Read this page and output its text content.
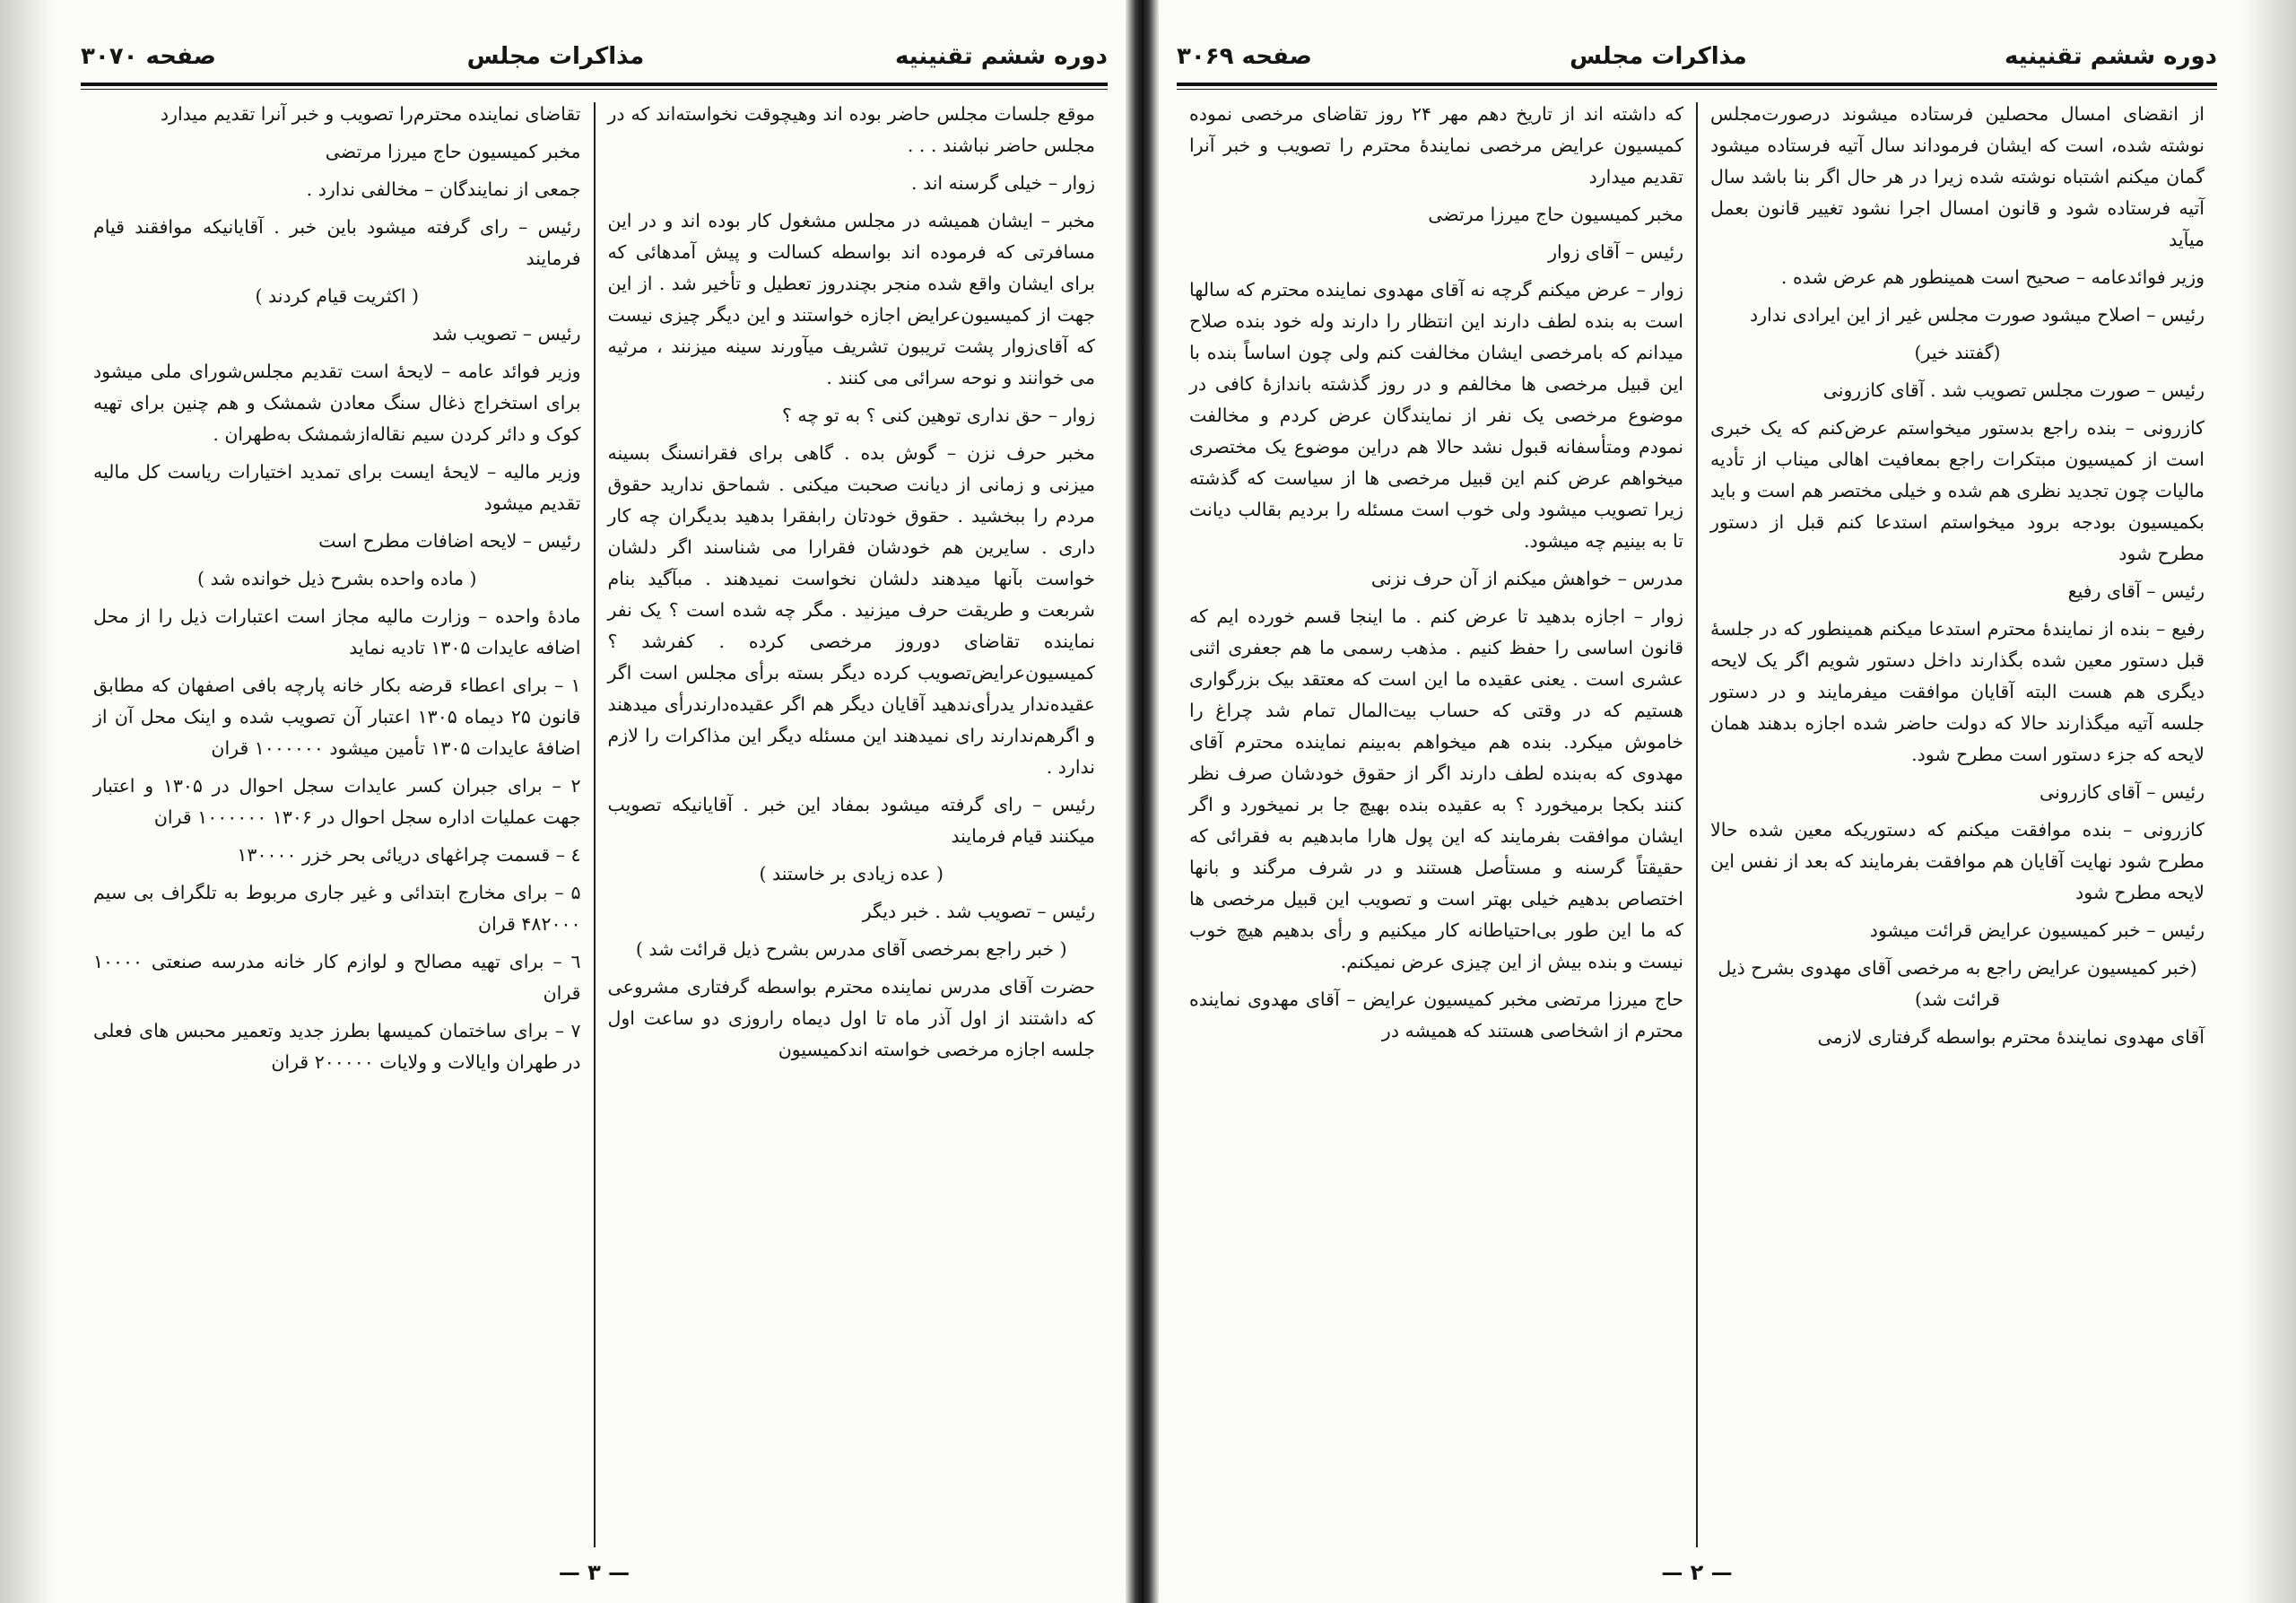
دوره ششم تقنینیه
مذاکرات مجلس
صفحه ۳۰۷۰

موقع جلسات مجلس حاضر بوده اند وهیچوقت نخواسته‌اند که در مجلس حاضر نباشند . . .

زوار – خیلی گرسنه اند .

مخبر – ایشان همیشه در مجلس مشغول کار بوده اند و در این مسافرتی که فرموده اند بواسطه کسالت و پیش آمدهائی که برای ایشان واقع شده منجر بچندروز تعطیل و تأخیر شد . از این جهت از کمیسیون‌عرایض اجازه خواستند و این دیگر چیزی نیست که آقای‌زوار پشت تریبون تشریف میآورند سینه میزنند ، مرثیه می خوانند و نوحه سرائی می کنند .

زوار – حق نداری توهین کنی ؟ به تو چه ؟

مخبر حرف نزن – گوش بده . گاهی برای فقرانسنگ بسینه میزنی و زمانی از دیانت صحبت میکنی . شماحق ندارید حقوق مردم را ببخشید . حقوق خودتان رابفقرا بدهید بدیگران چه کار داری . سایرین هم خودشان فقرارا می شناسند اگر دلشان خواست بآنها میدهند دلشان نخواست نمیدهند . مبآگید بنام شربعت و طریقت حرف میزنید . مگر چه شده است ؟ یک نفر نماینده تقاضای دوروز مرخصی کرده . کفرشد ؟ کمیسیون‌عرایض‌تصویب کرده دیگر بسته برأی مجلس است اگر عقیده‌ندار یدرأی‌ندهید آقایان دیگر هم اگر عقیده‌دارندرأی میدهند و اگرهم‌ندارند رای نمیدهند این مسئله دیگر این مذاکرات را لازم ندارد .

رئیس – رای گرفته میشود بمفاد این خبر . آقایانیکه تصویب میکنند قیام فرمایند

( عده زیادی بر خاستند )

رئیس – تصویب شد . خبر دیگر

( خبر راجع بمرخصی آقای مدرس بشرح ذیل قرائت شد )

حضرت آقای مدرس نماینده محترم بواسطه گرفتاری مشروعی که داشتند از اول آذر ماه تا اول دیماه راروزی دو ساعت اول جلسه اجازه مرخصی خواسته اندکمیسیون

تقاضای نماینده محترم‌را تصویب و خبر آنرا تقدیم میدارد

مخبر کمیسیون حاج میرزا مرتضی

جمعی از نمایندگان – مخالفی ندارد .

رئیس – رای گرفته میشود باین خبر . آقایانیکه موافقند قیام فرمایند

( اکثریت قیام کردند )

رئیس – تصویب شد

وزیر فوائد عامه – لایحهٔ است تقدیم مجلس‌شورای ملی میشود برای استخراج ذغال سنگ معادن شمشک و هم چنین برای تهیه کوک و دائر کردن سیم نقاله‌ازشمشک به‌طهران .

وزیر مالیه – لایحهٔ ایست برای تمدید اختیارات ریاست کل مالیه تقدیم میشود

رئیس – لایحه اضافات مطرح است

( ماده واحده بشرح ذیل خوانده شد )

مادهٔ واحده – وزارت مالیه مجاز است اعتبارات ذیل را از محل اضافه عایدات ۱۳۰۵ تادیه نماید

۱ – برای اعطاء قرضه بکار خانه پارچه بافی اصفهان که مطابق قانون ۲۵ دیماه ۱۳۰۵ اعتبار آن تصویب شده و اینک محل آن از اضافهٔ عایدات ۱۳۰۵ تأمین میشود ۱۰۰۰۰۰۰ قران

۲ – برای جبران کسر عایدات سجل احوال در ۱۳۰۵ و اعتبار جهت عملیات اداره سجل احوال در ۱۳۰۶ ۱۰۰۰۰۰۰ قران

٤ – قسمت چراغهای دریائی بحر خزر ۱۳۰۰۰۰

۵ – برای مخارج ابتدائی و غیر جاری مربوط به تلگراف بی سیم ۴۸۲۰۰۰ قران

٦ – برای تهیه مصالح و لوازم کار خانه مدرسه صنعتی ۱۰۰۰۰ قران

۷ – برای ساختمان کمیسها بطرز جدید وتعمیر محبس های فعلی در طهران وایالات و ولایات ۲۰۰۰۰۰ قران

— ۳ —
دوره ششم تقنینیه
مذاکرات مجلس
صفحه ۳۰۶۹

از انقضای امسال محصلین فرستاده میشوند درصورت‌مجلس نوشته شده، است که ایشان فرموداند سال آتیه فرستاده میشود گمان میکنم اشتباه نوشته شده زیرا در هر حال اگر بنا باشد سال آتیه فرستاده شود و قانون امسال اجرا نشود تغییر قانون بعمل میآید

وزیر فوائدعامه – صحیح است همینطور هم عرض شده .

رئیس – اصلاح میشود صورت مجلس غیر از این ایرادی ندارد

(گفتند خیر)

رئیس – صورت مجلس تصویب شد . آقای کازرونی

کازرونی – بنده راجع بدستور میخواستم عرض‌کنم که یک خبری است از کمیسیون مبتکرات راجع بمعافیت اهالی میناب از تأدیه مالیات چون تجدید نظری هم شده و خیلی مختصر هم است و باید بکمیسیون بودجه برود میخواستم استدعا کنم قبل از دستور مطرح شود

رئیس – آقای رفیع

رفیع – بنده از نمایندهٔ محترم استدعا میکنم همینطور که در جلسهٔ قبل دستور معین شده بگذارند داخل دستور شویم اگر یک لایحه دیگری هم هست البته آقایان موافقت میفرمایند و در دستور جلسه آتیه میگذارند حالا که دولت حاضر شده اجازه بدهند همان لایحه که جزء دستور است مطرح شود.

رئیس – آقای کازرونی

کازرونی – بنده موافقت میکنم که دستوریکه معین شده حالا مطرح شود نهایت آقایان هم موافقت بفرمایند که بعد از نفس این لایحه مطرح شود

رئیس – خبر کمیسیون عرایض قرائت میشود

(خبر کمیسیون عرایض راجع به مرخصی آقای مهدوی بشرح ذیل قرائت شد)

آقای مهدوی نمایندهٔ محترم بواسطه گرفتاری لازمی

که داشته اند از تاریخ دهم مهر ۲۴ روز تقاضای مرخصی نموده کمیسیون عرایض مرخصی نمایندهٔ محترم را تصویب و خبر آنرا تقدیم میدارد

مخبر کمیسیون حاج میرزا مرتضی

رئیس – آقای زوار

زوار – عرض میکنم گرچه نه آقای مهدوی نماینده محترم که سالها است به بنده لطف دارند این انتظار را دارند وله خود بنده صلاح میدانم که بامرخصی ایشان مخالفت کنم ولی چون اساساً بنده با این قبیل مرخصی ها مخالفم و در روز گذشته باندازهٔ کافی در موضوع مرخصی یک نفر از نمایندگان عرض کردم و مخالفت نمودم ومتأسفانه قبول نشد حالا هم دراین موضوع یک مختصری میخواهم عرض کنم این قبیل مرخصی ها از سیاست که گذشته زیرا تصویب میشود ولی خوب است مسئله را بردیم بقالب دیانت تا به بینیم چه میشود.

مدرس – خواهش میکنم از آن حرف نزنی

زوار – اجازه بدهید تا عرض کنم . ما اینجا قسم خورده ایم که قانون اساسی را حفظ کنیم . مذهب رسمی ما هم جعفری اثنی عشری است . یعنی عقیده ما این است که معتقد بیک بزرگواری هستیم که در وقتی که حساب بیت‌المال تمام شد چراغ را خاموش میکرد. بنده هم میخواهم به‌بینم نماینده محترم آقای مهدوی که به‌بنده لطف دارند اگر از حقوق خودشان صرف نظر کنند بکجا برمیخورد ؟ به عقیده بنده بهیچ جا بر نمیخورد و اگر ایشان موافقت بفرمایند که این پول هارا مابدهیم به فقرائی که حقیقتاً گرسنه و مستأصل هستند و در شرف مرگند و بانها اختصاص بدهیم خیلی بهتر است و تصویب این قبیل مرخصی ها که ما این طور بی‌احتیاطانه کار میکنیم و رأی بدهیم هیچ خوب نیست و بنده بیش از این چیزی عرض نمیکنم.

حاج میرزا مرتضی مخبر کمیسیون عرایض – آقای مهدوی نماینده محترم از اشخاصی هستند که همیشه در

— ۲ —
